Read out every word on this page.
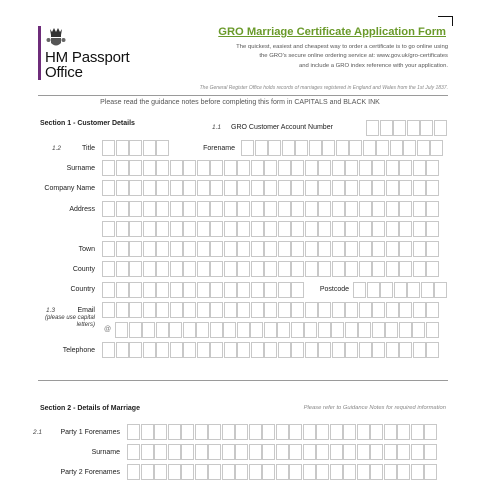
HM Passport
Office
GRO Marriage Certificate Application Form
The quickest, easiest and cheapest way to order a certificate is to go online using
the GRO's secure online ordering service at: www.gov.uk/gro-certificates
and include a GRO index reference with your application.
The General Register Office holds records of marriages registered in England and Wales from the 1st July 1837.
Please read the guidance notes before completing this form in CAPITALS and BLACK INK
Section 1 - Customer Details
1.1 GRO Customer Account Number
1.2	Title	Forename
Surname
Company Name
Address
Town
County
Country	Postcode
1.3	Email
(please use capital
letters)
@
Telephone
Section 2 - Details of Marriage	Please refer to Guidance Notes for required information
2.1	Party 1 Forenames
Surname
Party 2 Forenames
